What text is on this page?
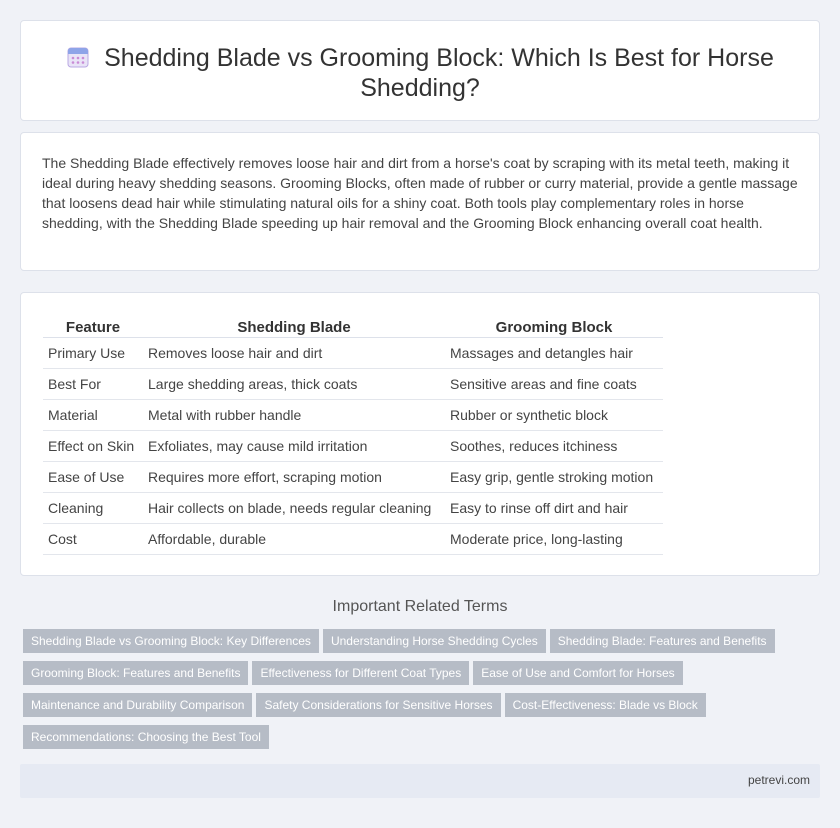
Shedding Blade vs Grooming Block: Which Is Best for Horse Shedding?

The Shedding Blade effectively removes loose hair and dirt from a horse's coat by scraping with its metal teeth, making it ideal during heavy shedding seasons. Grooming Blocks, often made of rubber or curry material, provide a gentle massage that loosens dead hair while stimulating natural oils for a shiny coat. Both tools play complementary roles in horse shedding, with the Shedding Blade speeding up hair removal and the Grooming Block enhancing overall coat health.

Feature	Shedding Blade	Grooming Block
Primary Use	Removes loose hair and dirt	Massages and detangles hair
Best For	Large shedding areas, thick coats	Sensitive areas and fine coats
Material	Metal with rubber handle	Rubber or synthetic block
Effect on Skin	Exfoliates, may cause mild irritation	Soothes, reduces itchiness
Ease of Use	Requires more effort, scraping motion	Easy grip, gentle stroking motion
Cleaning	Hair collects on blade, needs regular cleaning	Easy to rinse off dirt and hair
Cost	Affordable, durable	Moderate price, long-lasting
Important Related Terms
Shedding Blade vs Grooming Block: Key Differences Understanding Horse Shedding Cycles Shedding Blade: Features and BenefitsGrooming Block: Features and Benefits Effectiveness for Different Coat Types Ease of Use and Comfort for HorsesMaintenance and Durability Comparison Safety Considerations for Sensitive Horses Cost-Effectiveness: Blade vs BlockRecommendations: Choosing the Best Tool
petrevi.com
